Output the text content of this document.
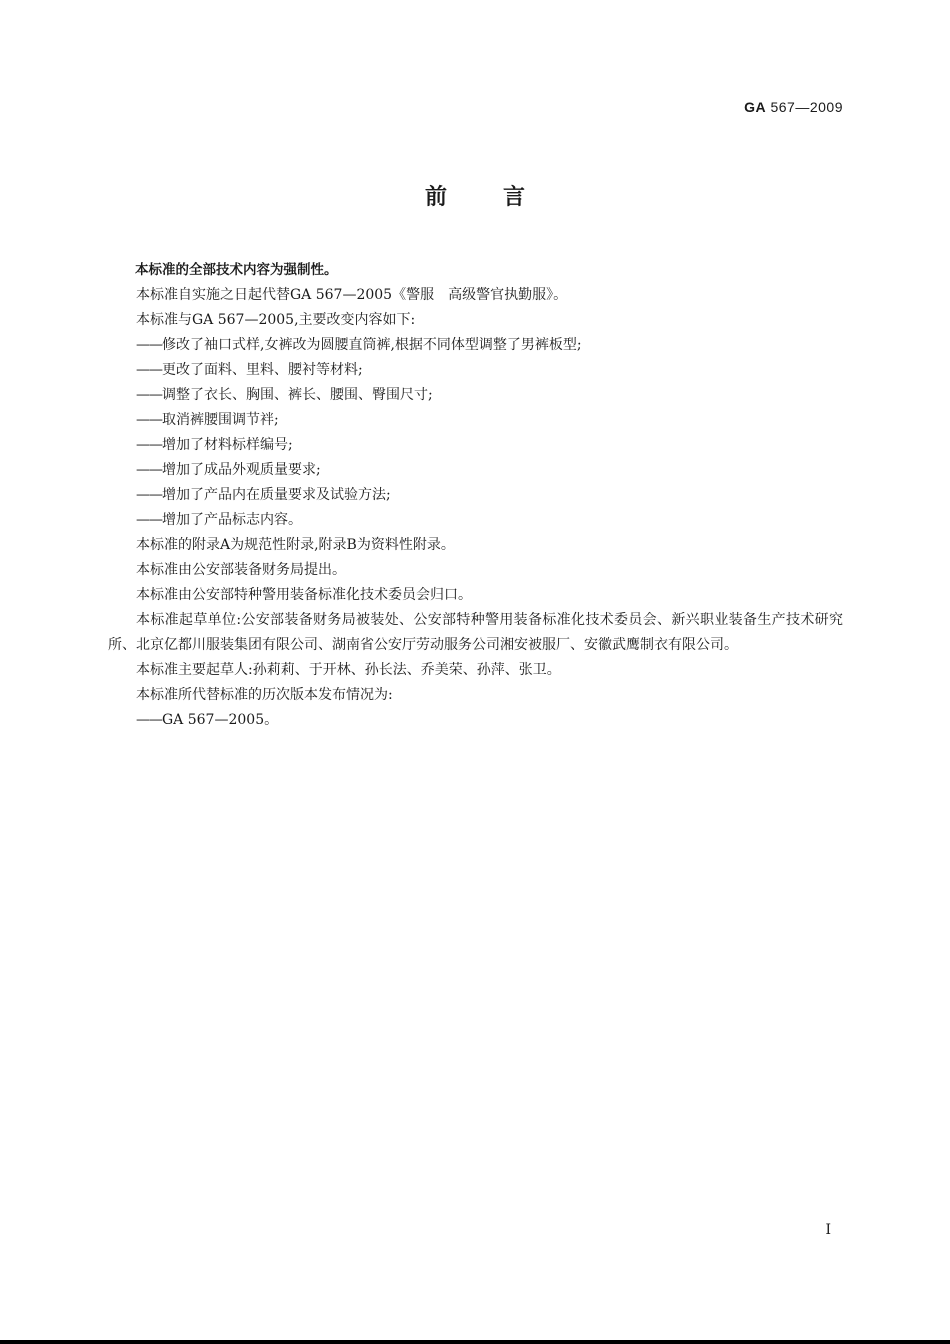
GA 567—2009
前	言

本标准的全部技术内容为强制性。

本标准自实施之日起代替GA 567—2005《警服　高级警官执勤服》。

本标准与GA 567—2005,主要改变内容如下:

——修改了袖口式样,女裤改为圆腰直筒裤,根据不同体型调整了男裤板型;

——更改了面料、里料、腰衬等材料;

——调整了衣长、胸围、裤长、腰围、臀围尺寸;

——取消裤腰围调节袢;

——增加了材料标样编号;

——增加了成品外观质量要求;

——增加了产品内在质量要求及试验方法;

——增加了产品标志内容。

本标准的附录A为规范性附录,附录B为资料性附录。

本标准由公安部装备财务局提出。

本标准由公安部特种警用装备标准化技术委员会归口。

本标准起草单位:公安部装备财务局被装处、公安部特种警用装备标准化技术委员会、新兴职业装备生产技术研究所、北京亿都川服装集团有限公司、湖南省公安厅劳动服务公司湘安被服厂、安徽武鹰制衣有限公司。

本标准主要起草人:孙莉莉、于开林、孙长法、乔美荣、孙萍、张卫。

本标准所代替标准的历次版本发布情况为:

——GA 567—2005。

I
